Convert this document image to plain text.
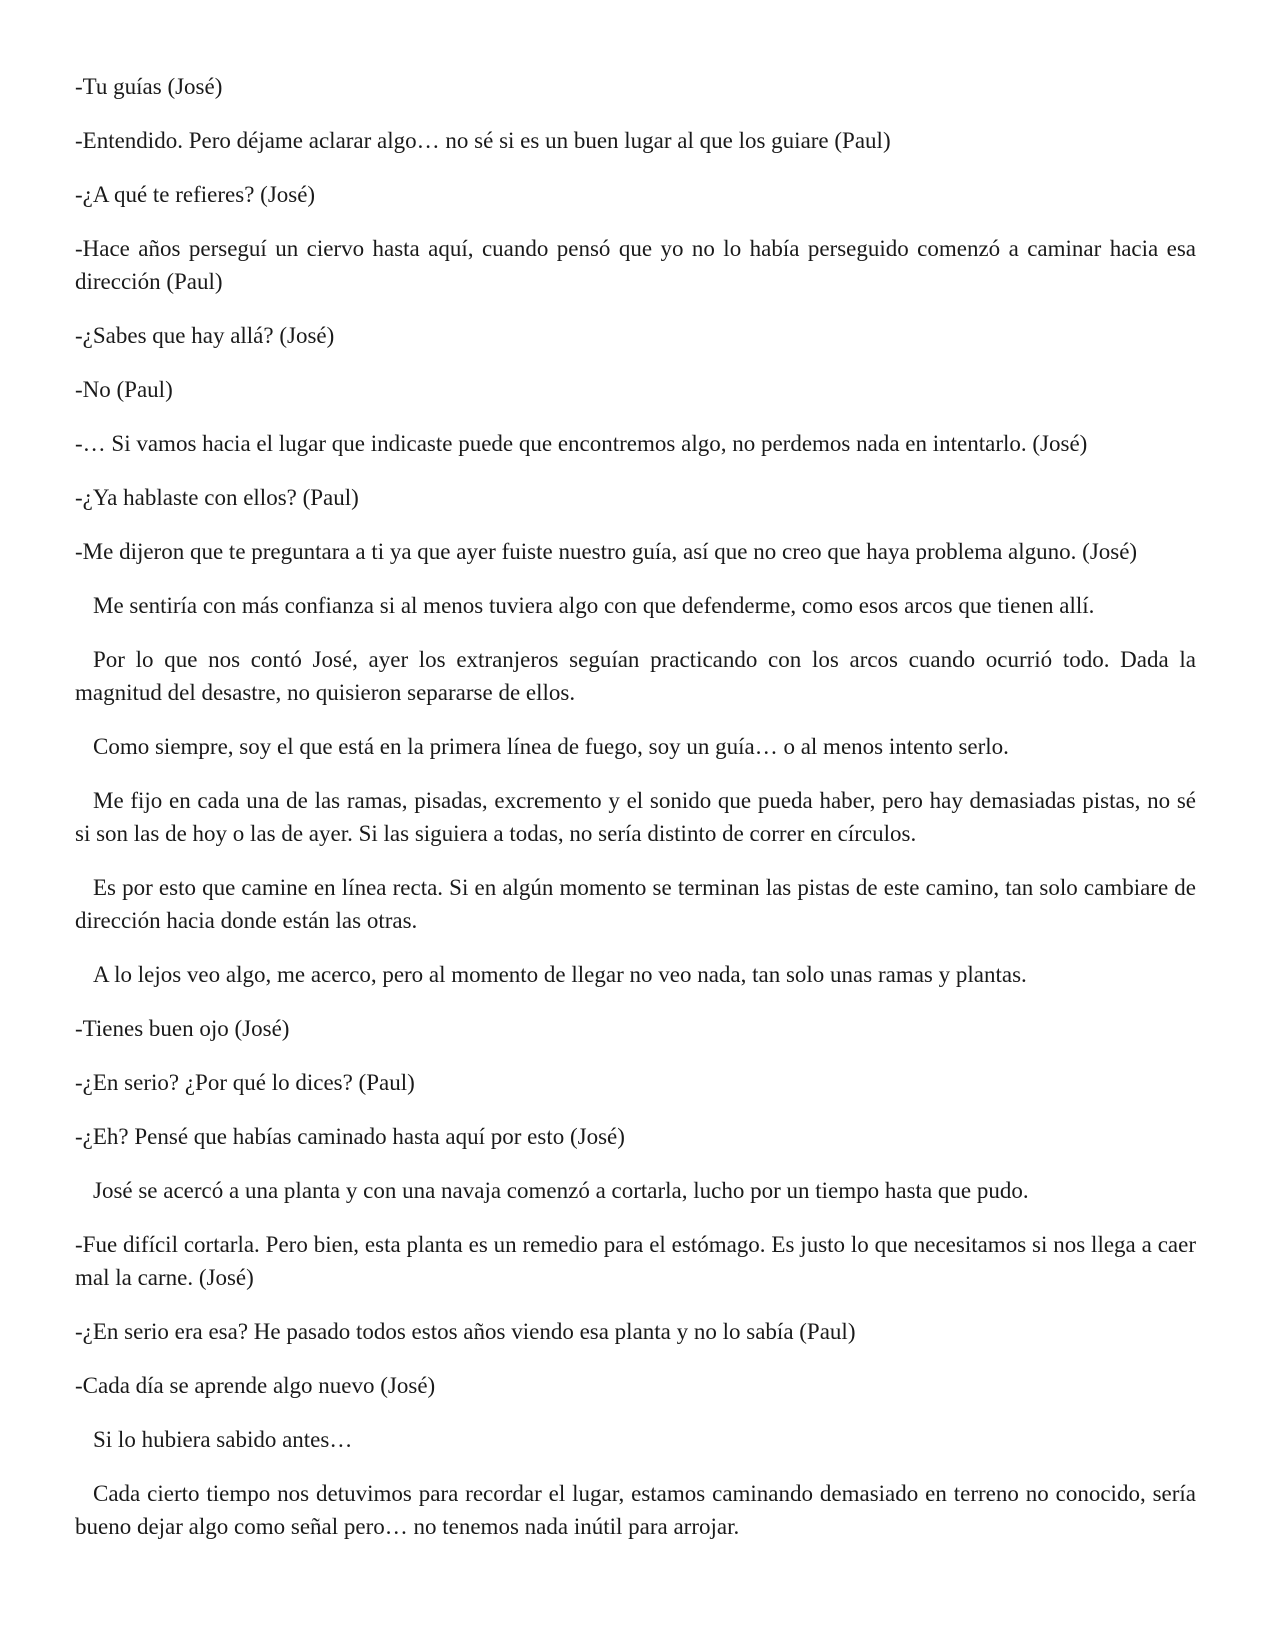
-Tu guías (José)

-Entendido. Pero déjame aclarar algo… no sé si es un buen lugar al que los guiare (Paul)

-¿A qué te refieres? (José)

-Hace años perseguí un ciervo hasta aquí, cuando pensó que yo no lo había perseguido comenzó a caminar hacia esa dirección (Paul)

-¿Sabes que hay allá? (José)

-No (Paul)

-… Si vamos hacia el lugar que indicaste puede que encontremos algo, no perdemos nada en intentarlo. (José)

-¿Ya hablaste con ellos? (Paul)

-Me dijeron que te preguntara a ti ya que ayer fuiste nuestro guía, así que no creo que haya problema alguno. (José)

Me sentiría con más confianza si al menos tuviera algo con que defenderme, como esos arcos que tienen allí.

Por lo que nos contó José, ayer los extranjeros seguían practicando con los arcos cuando ocurrió todo. Dada la magnitud del desastre, no quisieron separarse de ellos.

Como siempre, soy el que está en la primera línea de fuego, soy un guía… o al menos intento serlo.

Me fijo en cada una de las ramas, pisadas, excremento y el sonido que pueda haber, pero hay demasiadas pistas, no sé si son las de hoy o las de ayer. Si las siguiera a todas, no sería distinto de correr en círculos.

Es por esto que camine en línea recta. Si en algún momento se terminan las pistas de este camino, tan solo cambiare de dirección hacia donde están las otras.

A lo lejos veo algo, me acerco, pero al momento de llegar no veo nada, tan solo unas ramas y plantas.

-Tienes buen ojo (José)

-¿En serio? ¿Por qué lo dices? (Paul)

-¿Eh? Pensé que habías caminado hasta aquí por esto (José)

José se acercó a una planta y con una navaja comenzó a cortarla, lucho por un tiempo hasta que pudo.

-Fue difícil cortarla. Pero bien, esta planta es un remedio para el estómago. Es justo lo que necesitamos si nos llega a caer mal la carne. (José)

-¿En serio era esa? He pasado todos estos años viendo esa planta y no lo sabía (Paul)

-Cada día se aprende algo nuevo (José)

Si lo hubiera sabido antes…

Cada cierto tiempo nos detuvimos para recordar el lugar, estamos caminando demasiado en terreno no conocido, sería bueno dejar algo como señal pero… no tenemos nada inútil para arrojar.
